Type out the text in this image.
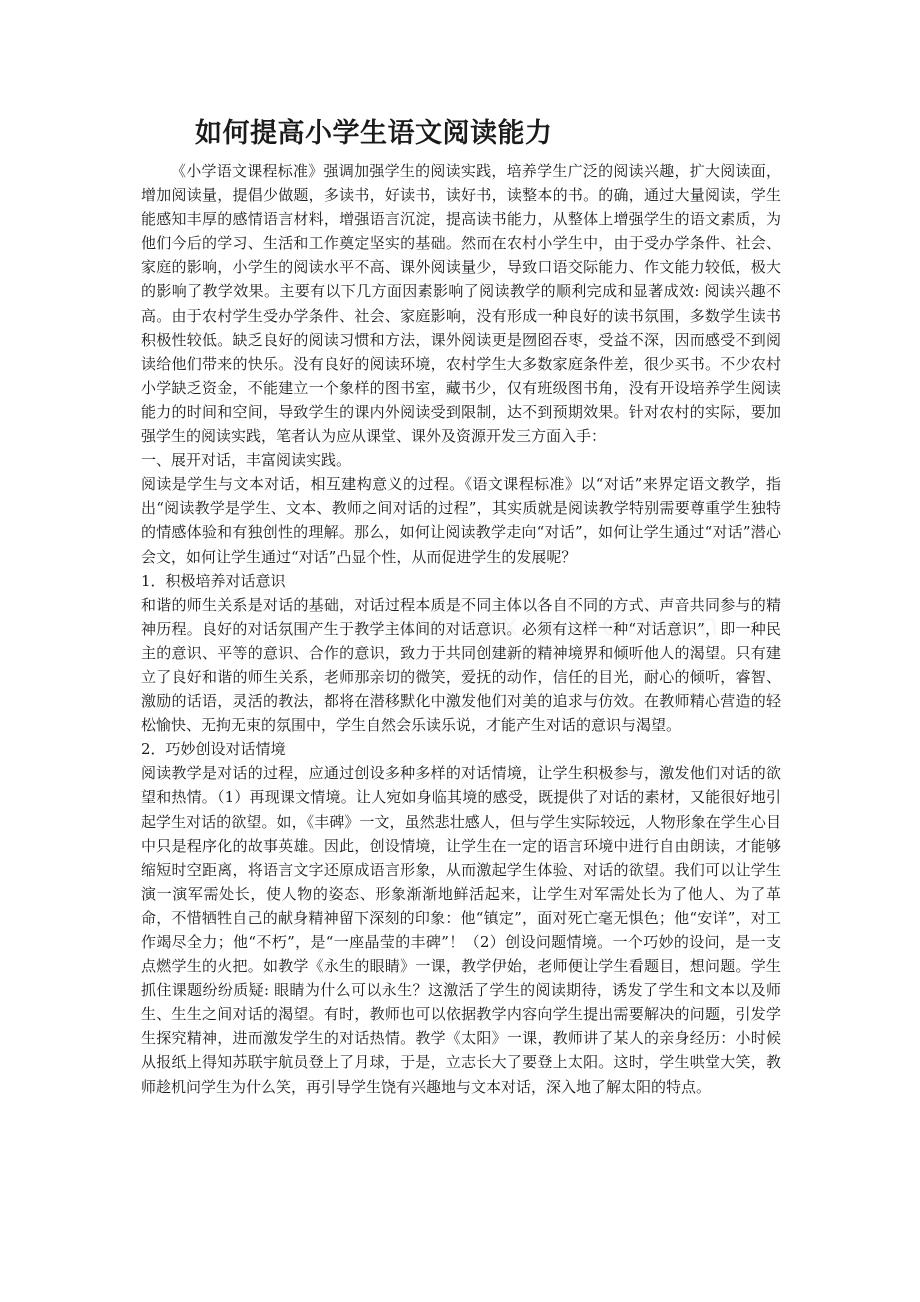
如何提高小学生语文阅读能力

《小学语文课程标准》强调加强学生的阅读实践，培养学生广泛的阅读兴趣，扩大阅读面，增加阅读量，提倡少做题，多读书，好读书，读好书，读整本的书。的确，通过大量阅读，学生能感知丰厚的感情语言材料，增强语言沉淀，提高读书能力，从整体上增强学生的语文素质，为他们今后的学习、生活和工作奠定坚实的基础。然而在农村小学生中，由于受办学条件、社会、家庭的影响，小学生的阅读水平不高、课外阅读量少，导致口语交际能力、作文能力较低，极大的影响了教学效果。主要有以下几方面因素影响了阅读教学的顺利完成和显著成效: 阅读兴趣不高。由于农村学生受办学条件、社会、家庭影响，没有形成一种良好的读书氛围，多数学生读书积极性较低。缺乏良好的阅读习惯和方法，课外阅读更是囫囵吞枣，受益不深，因而感受不到阅读给他们带来的快乐。没有良好的阅读环境，农村学生大多数家庭条件差，很少买书。不少农村小学缺乏资金，不能建立一个象样的图书室，藏书少，仅有班级图书角，没有开设培养学生阅读能力的时间和空间，导致学生的课内外阅读受到限制，达不到预期效果。针对农村的实际，要加强学生的阅读实践，笔者认为应从课堂、课外及资源开发三方面入手：

一、展开对话，丰富阅读实践。

阅读是学生与文本对话，相互建构意义的过程。《语文课程标准》以“对话”来界定语文教学，指出“阅读教学是学生、文本、教师之间对话的过程”，其实质就是阅读教学特别需要尊重学生独特的情感体验和有独创性的理解。那么，如何让阅读教学走向“对话”，如何让学生通过“对话”潜心会文，如何让学生通过“对话”凸显个性，从而促进学生的发展呢？

1．积极培养对话意识

和谐的师生关系是对话的基础，对话过程本质是不同主体以各自不同的方式、声音共同参与的精神历程。良好的对话氛围产生于教学主体间的对话意识。必须有这样一种“对话意识”，即一种民主的意识、平等的意识、合作的意识，致力于共同创建新的精神境界和倾听他人的渴望。只有建立了良好和谐的师生关系，老师那亲切的微笑，爱抚的动作，信任的目光，耐心的倾听，睿智、激励的话语，灵活的教法，都将在潜移默化中激发他们对美的追求与仿效。在教师精心营造的轻松愉快、无拘无束的氛围中，学生自然会乐读乐说，才能产生对话的意识与渴望。

2．巧妙创设对话情境

阅读教学是对话的过程，应通过创设多种多样的对话情境，让学生积极参与，激发他们对话的欲望和热情。（1）再现课文情境。让人宛如身临其境的感受，既提供了对话的素材，又能很好地引起学生对话的欲望。如，《丰碑》一文，虽然悲壮感人，但与学生实际较远，人物形象在学生心目中只是程序化的故事英雄。因此，创设情境，让学生在一定的语言环境中进行自由朗读，才能够缩短时空距离，将语言文字还原成语言形象，从而激起学生体验、对话的欲望。我们可以让学生演一演军需处长，使人物的姿态、形象渐渐地鲜活起来，让学生对军需处长为了他人、为了革命，不惜牺牲自己的献身精神留下深刻的印象：他“镇定”，面对死亡毫无惧色；他“安详”，对工作竭尽全力；他“不朽”，是“一座晶莹的丰碑”！（2）创设问题情境。一个巧妙的设问，是一支点燃学生的火把。如教学《永生的眼睛》一课，教学伊始，老师便让学生看题目，想问题。学生抓住课题纷纷质疑: 眼睛为什么可以永生？这激活了学生的阅读期待，诱发了学生和文本以及师生、生生之间对话的渴望。有时，教师也可以依据教学内容向学生提出需要解决的问题，引发学生探究精神，进而激发学生的对话热情。教学《太阳》一课，教师讲了某人的亲身经历：小时候从报纸上得知苏联宇航员登上了月球，于是，立志长大了要登上太阳。这时，学生哄堂大笑，教师趁机问学生为什么笑，再引导学生饶有兴趣地与文本对话，深入地了解太阳的特点。
